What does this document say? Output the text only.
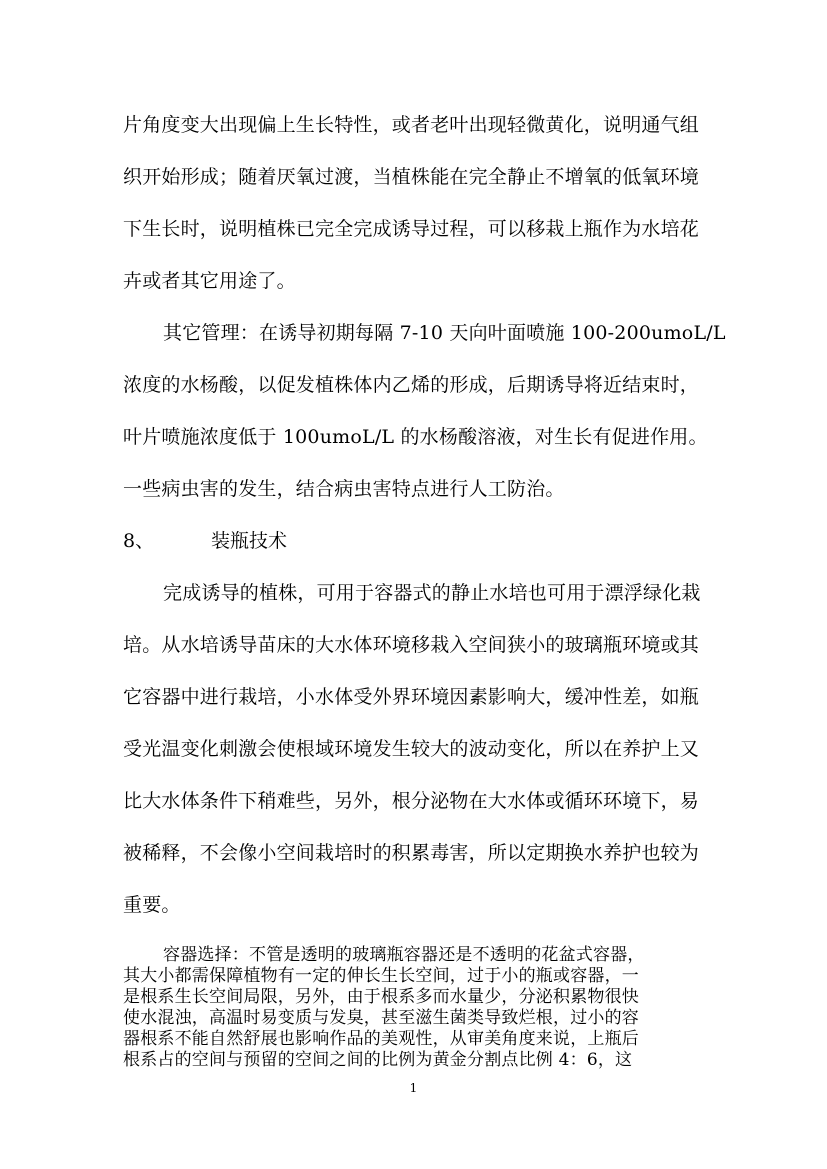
片角度变大出现偏上生长特性，或者老叶出现轻微黄化，说明通气组
织开始形成；随着厌氧过渡，当植株能在完全静止不增氧的低氧环境
下生长时，说明植株已完全完成诱导过程，可以移栽上瓶作为水培花
卉或者其它用途了。
其它管理：在诱导初期每隔 7-10 天向叶面喷施 100-200umoL/L
浓度的水杨酸，以促发植株体内乙烯的形成，后期诱导将近结束时，
叶片喷施浓度低于 100umoL/L 的水杨酸溶液，对生长有促进作用。
一些病虫害的发生，结合病虫害特点进行人工防治。
8、	装瓶技术
完成诱导的植株，可用于容器式的静止水培也可用于漂浮绿化栽
培。从水培诱导苗床的大水体环境移栽入空间狭小的玻璃瓶环境或其
它容器中进行栽培，小水体受外界环境因素影响大，缓冲性差，如瓶
受光温变化刺激会使根域环境发生较大的波动变化，所以在养护上又
比大水体条件下稍难些，另外，根分泌物在大水体或循环环境下，易
被稀释，不会像小空间栽培时的积累毒害，所以定期换水养护也较为
重要。
容器选择：不管是透明的玻璃瓶容器还是不透明的花盆式容器，
其大小都需保障植物有一定的伸长生长空间，过于小的瓶或容器，一
是根系生长空间局限，另外，由于根系多而水量少，分泌积累物很快
使水混浊，高温时易变质与发臭，甚至滋生菌类导致烂根，过小的容
器根系不能自然舒展也影响作品的美观性，从审美角度来说，上瓶后
根系占的空间与预留的空间之间的比例为黄金分割点比例 4：6，这
1
